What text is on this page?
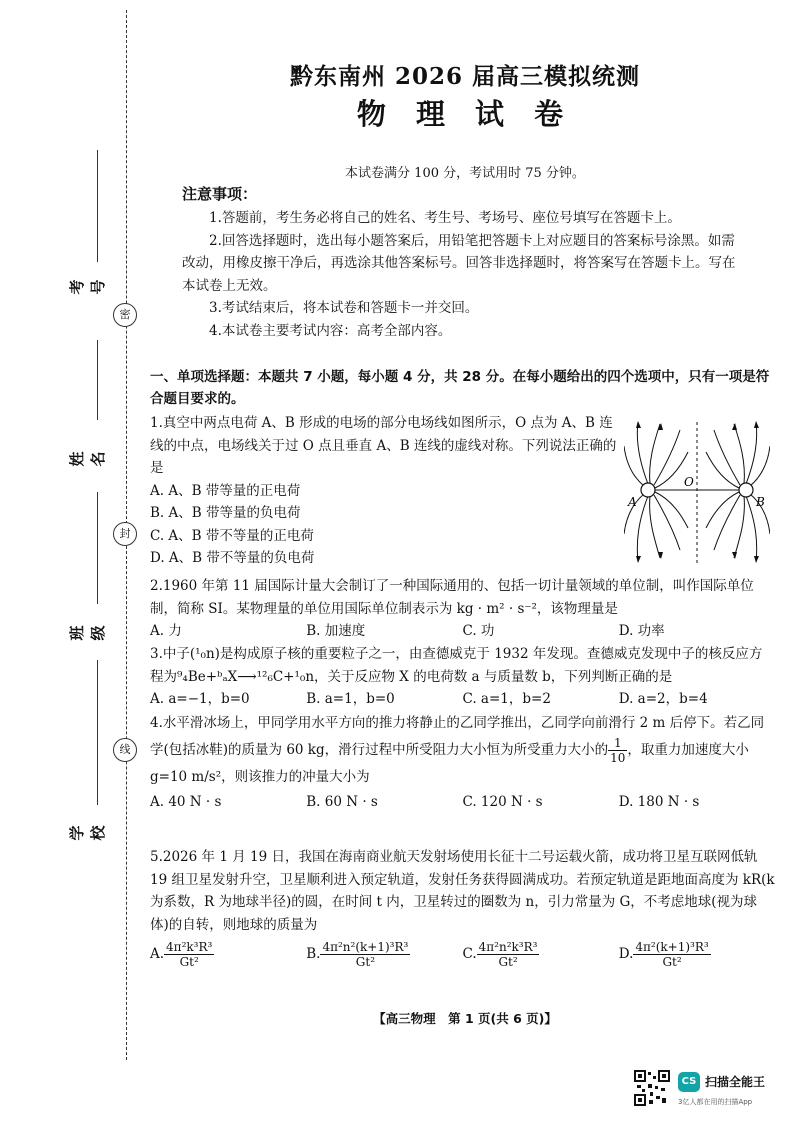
密
封
线
考号
姓名
班级
学校
黔东南州 2026 届高三模拟统测
物 理 试 卷
本试卷满分 100 分，考试用时 75 分钟。
注意事项：

1.答题前，考生务必将自己的姓名、考生号、考场号、座位号填写在答题卡上。

2.回答选择题时，选出每小题答案后，用铅笔把答题卡上对应题目的答案标号涂黑。如需改动，用橡皮擦干净后，再选涂其他答案标号。回答非选择题时，将答案写在答题卡上。写在本试卷上无效。

3.考试结束后，将本试卷和答题卡一并交回。

4.本试卷主要考试内容：高考全部内容。

一、单项选择题：本题共 7 小题，每小题 4 分，共 28 分。在每小题给出的四个选项中，只有一项是符合题目要求的。

1.真空中两点电荷 A、B 形成的电场的部分电场线如图所示，O 点为 A、B 连线的中点，电场线关于过 O 点且垂直 A、B 连线的虚线对称。下列说法正确的是

A. A、B 带等量的正电荷
B. A、B 带等量的负电荷
C. A、B 带不等量的正电荷
D. A、B 带不等量的负电荷
A
O
B

2.1960 年第 11 届国际计量大会制订了一种国际通用的、包括一切计量领域的单位制，叫作国际单位制，简称 SI。某物理量的单位用国际单位制表示为 kg · m² · s⁻²，该物理量是

A. 力	B. 加速度	C. 功	D. 功率

3.中子(¹₀n)是构成原子核的重要粒子之一，由查德威克于 1932 年发现。查德威克发现中子的核反应方程为⁹₄Be+ᵇₐX⟶¹²₆C+¹₀n，关于反应物 X 的电荷数 a 与质量数 b，下列判断正确的是

A. a=−1，b=0	B. a=1，b=0	C. a=1，b=2	D. a=2，b=4

4.水平滑冰场上，甲同学用水平方向的推力将静止的乙同学推出，乙同学向前滑行 2 m 后停下。若乙同学(包括冰鞋)的质量为 60 kg，滑行过程中所受阻力大小恒为所受重力大小的 $\frac{1}{10}$ ，取重力加速度大小 g=10 m/s²，则该推力的冲量大小为

A. 40 N · s	B. 60 N · s	C. 120 N · s	D. 180 N · s

5.2026 年 1 月 19 日，我国在海南商业航天发射场使用长征十二号运载火箭，成功将卫星互联网低轨 19 组卫星发射升空，卫星顺利进入预定轨道，发射任务获得圆满成功。若预定轨道是距地面高度为 kR(k 为系数，R 为地球半径)的圆，在时间 t 内，卫星转过的圈数为 n，引力常量为 G，不考虑地球(视为球体)的自转，则地球的质量为

A. $\frac{\text{4π²k³R³}}{\text{Gt²}}$	B. $\frac{\text{4π²n²(k+1)³R³}}{\text{Gt²}}$	C. $\frac{\text{4π²n²k³R³}}{\text{Gt²}}$	D. $\frac{\text{4π²(k+1)³R³}}{\text{Gt²}}$
【高三物理　第 1 页(共 6 页)】
CS 扫描全能王
3亿人都在用的扫描App
